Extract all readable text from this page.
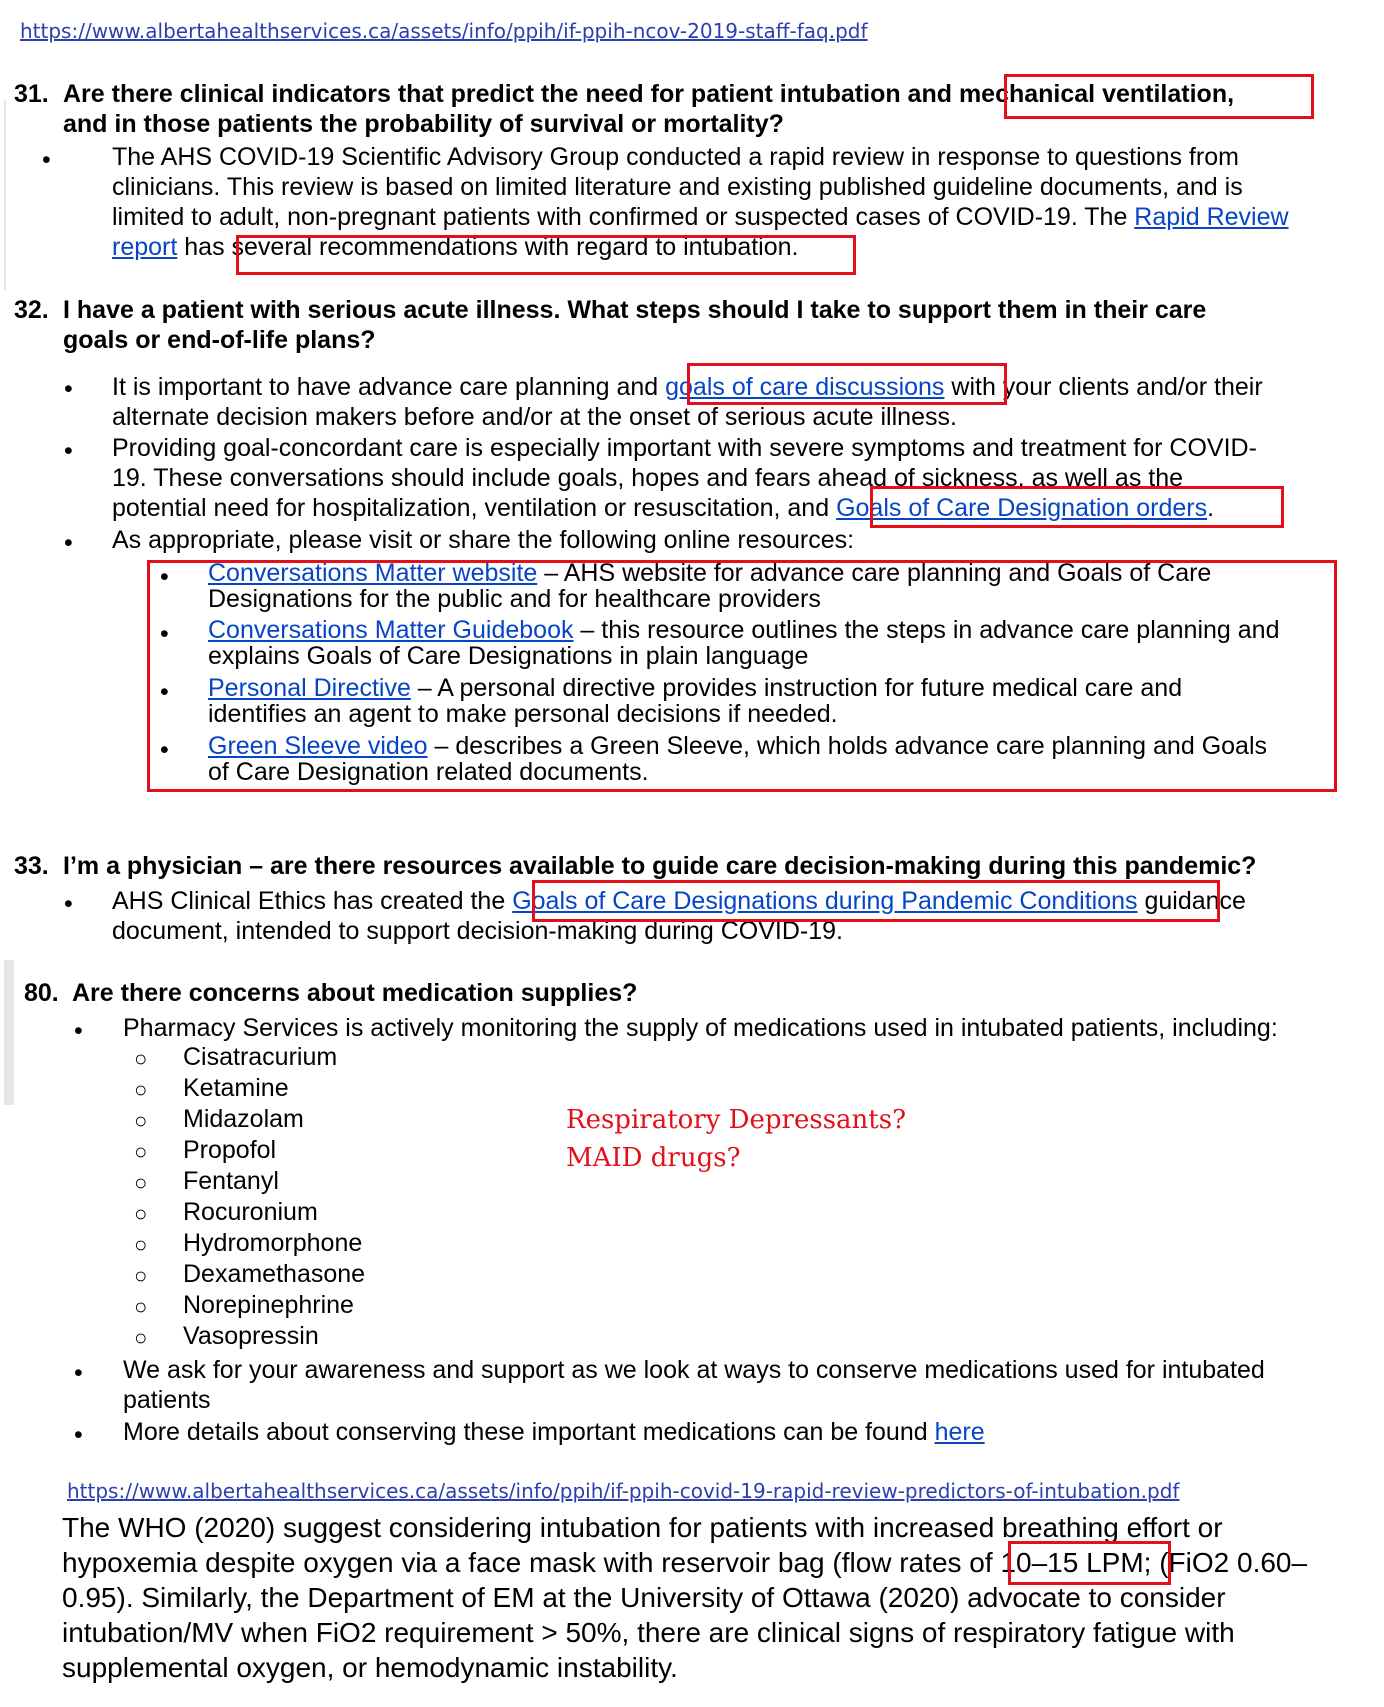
https://www.albertahealthservices.ca/assets/info/ppih/if-ppih-ncov-2019-staff-faq.pdf
31. Are there clinical indicators that predict the need for patient intubation and mechanical ventilation,
and in those patients the probability of survival or mortality?
• The AHS COVID-19 Scientific Advisory Group conducted a rapid review in response to questions from
clinicians. This review is based on limited literature and existing published guideline documents, and is
limited to adult, non-pregnant patients with confirmed or suspected cases of COVID-19. The Rapid Review
report has several recommendations with regard to intubation.
32. I have a patient with serious acute illness. What steps should I take to support them in their care
goals or end-of-life plans?
• It is important to have advance care planning and goals of care discussions with your clients and/or their
alternate decision makers before and/or at the onset of serious acute illness.
• Providing goal-concordant care is especially important with severe symptoms and treatment for COVID-
19. These conversations should include goals, hopes and fears ahead of sickness, as well as the
potential need for hospitalization, ventilation or resuscitation, and Goals of Care Designation orders.
• As appropriate, please visit or share the following online resources:
• Conversations Matter website – AHS website for advance care planning and Goals of Care
Designations for the public and for healthcare providers
• Conversations Matter Guidebook – this resource outlines the steps in advance care planning and
explains Goals of Care Designations in plain language
• Personal Directive – A personal directive provides instruction for future medical care and
identifies an agent to make personal decisions if needed.
• Green Sleeve video – describes a Green Sleeve, which holds advance care planning and Goals
of Care Designation related documents.
33. I’m a physician – are there resources available to guide care decision-making during this pandemic?
• AHS Clinical Ethics has created the Goals of Care Designations during Pandemic Conditions guidance
document, intended to support decision-making during COVID-19.
80. Are there concerns about medication supplies?
• Pharmacy Services is actively monitoring the supply of medications used in intubated patients, including:
○ Cisatracurium
○ Ketamine
○ Midazolam
○ Propofol
○ Fentanyl
○ Rocuronium
○ Hydromorphone
○ Dexamethasone
○ Norepinephrine
○ Vasopressin
• We ask for your awareness and support as we look at ways to conserve medications used for intubated
patients
• More details about conserving these important medications can be found here
Respiratory Depressants?
MAID drugs?
https://www.albertahealthservices.ca/assets/info/ppih/if-ppih-covid-19-rapid-review-predictors-of-intubation.pdf
The WHO (2020) suggest considering intubation for patients with increased breathing effort or
hypoxemia despite oxygen via a face mask with reservoir bag (flow rates of 10–15 LPM; (FiO2 0.60–
0.95). Similarly, the Department of EM at the University of Ottawa (2020) advocate to consider
intubation/MV when FiO2 requirement > 50%, there are clinical signs of respiratory fatigue with
supplemental oxygen, or hemodynamic instability.
